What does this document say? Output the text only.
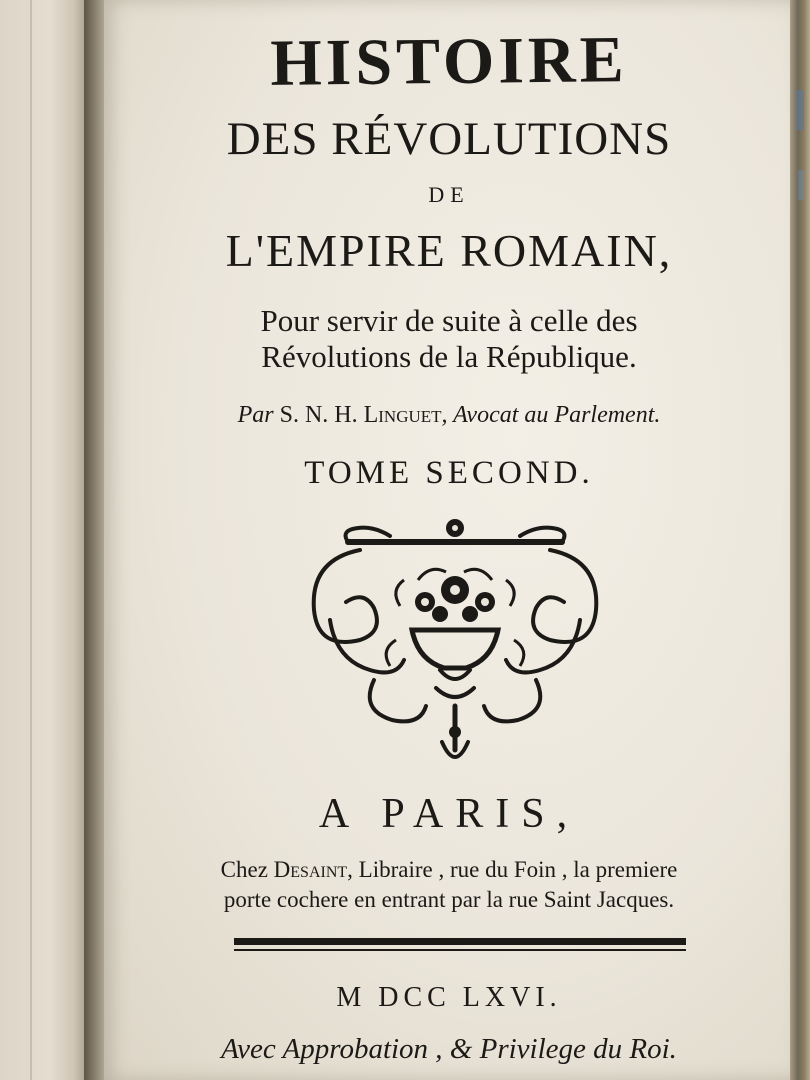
HISTOIRE
DES RÉVOLUTIONS
DE
L'EMPIRE ROMAIN,
Pour servir de suite à celle des
Révolutions de la République.
Par S. N. H. Linguet, Avocat au Parlement.
TOME SECOND.
A PARIS,
Chez Desaint, Libraire , rue du Foin , la premiere
porte cochere en entrant par la rue Saint Jacques.
M DCC LXVI.
Avec Approbation , & Privilege du Roi.
